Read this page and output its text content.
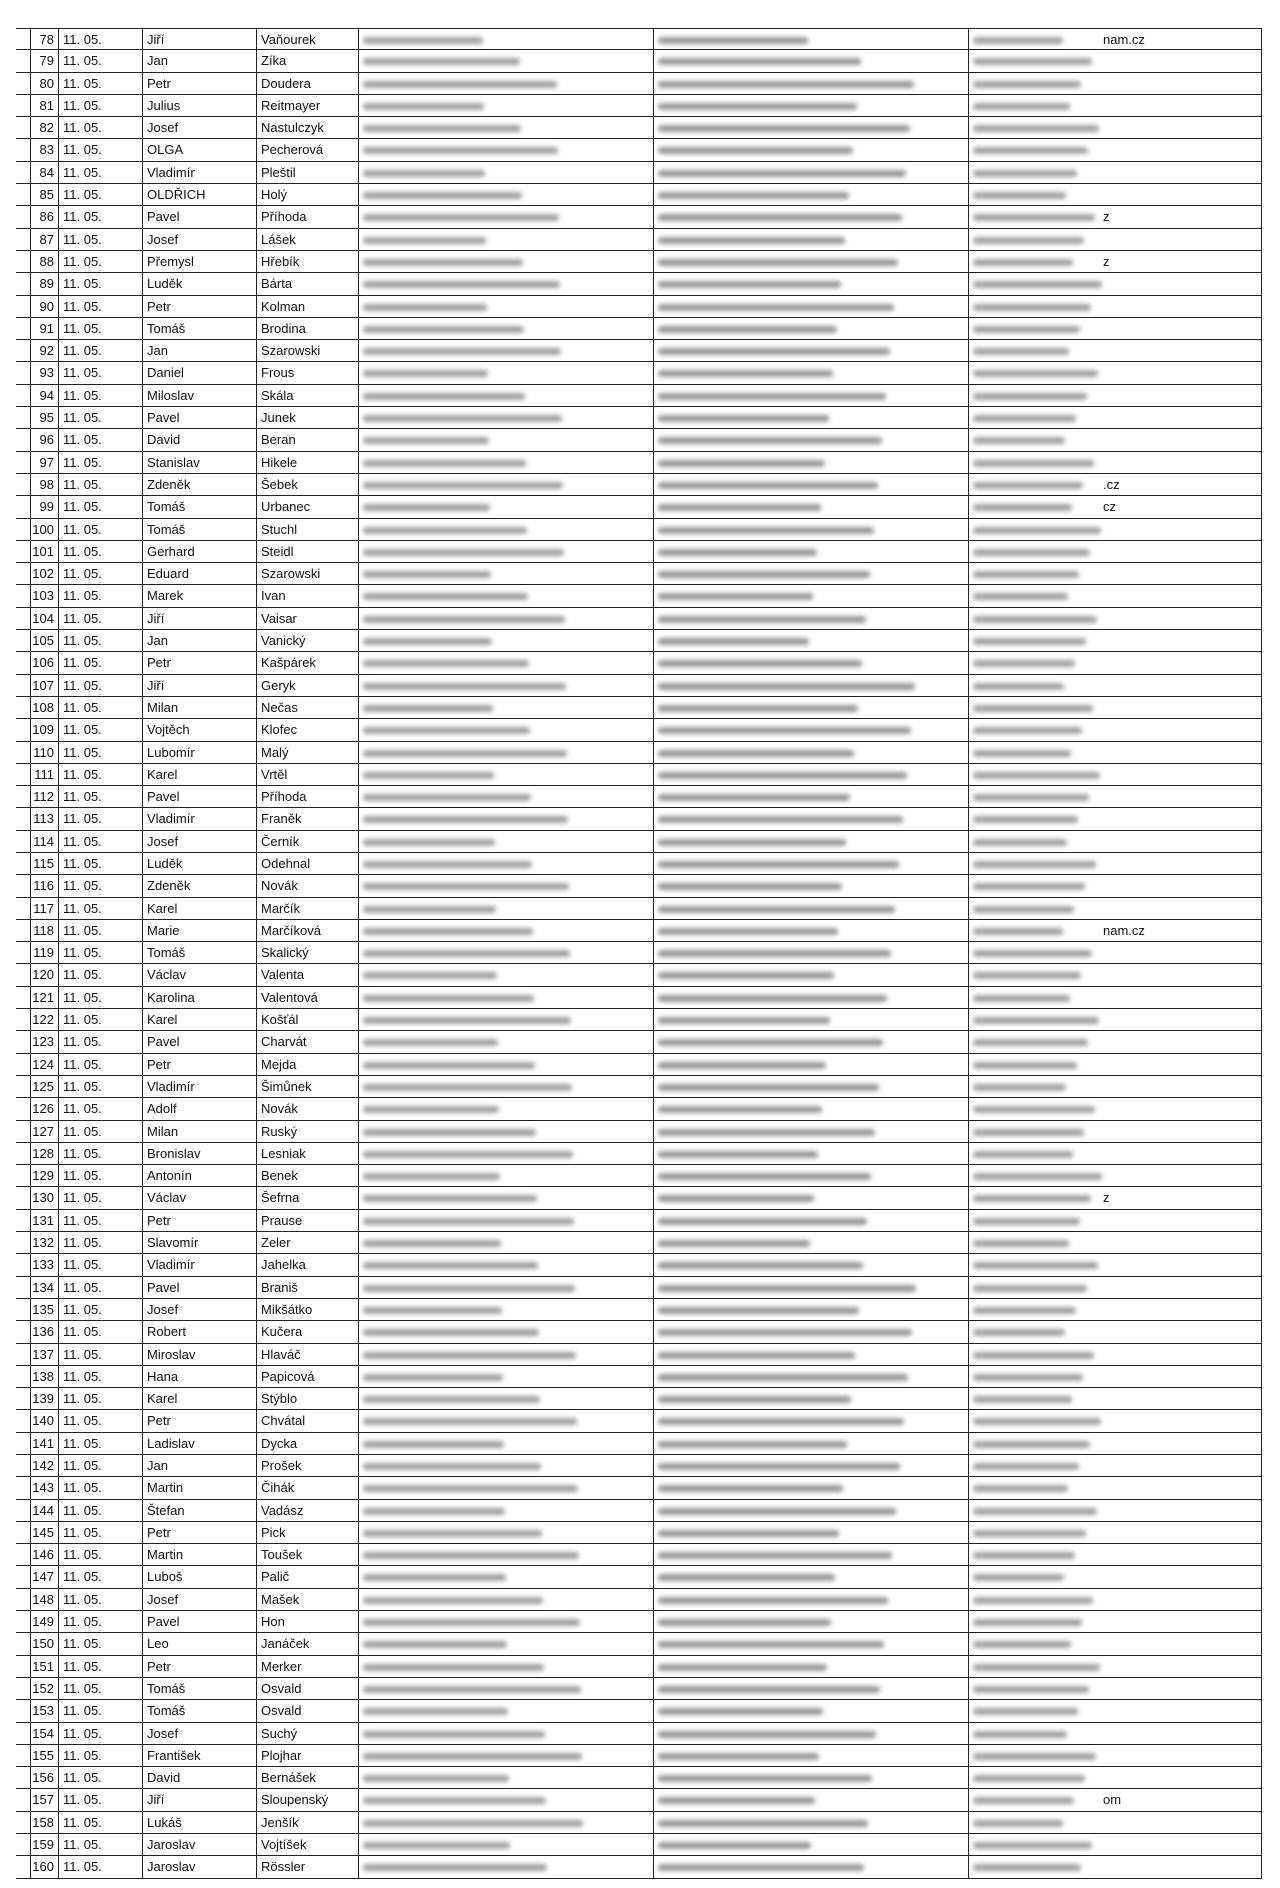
78 11. 05.	Jiří	Vaňourek	nam.cz
79 11. 05.	Jan	Zíka
80 11. 05.	Petr	Doudera
81 11. 05.	Julius	Reitmayer
82 11. 05.	Josef	Nastulczyk
83 11. 05.	OLGA	Pecherová
84 11. 05.	Vladimír	Pleštil
85 11. 05.	OLDŘICH	Holý
86 11. 05.	Pavel	Příhoda	z
87 11. 05.	Josef	Lášek
88 11. 05.	Přemysl	Hřebík	z
89 11. 05.	Luděk	Bárta
90 11. 05.	Petr	Kolman
91 11. 05.	Tomáš	Brodina
92 11. 05.	Jan	Szarowski
93 11. 05.	Daniel	Frous
94 11. 05.	Miloslav	Skála
95 11. 05.	Pavel	Junek
96 11. 05.	David	Beran
97 11. 05.	Stanislav	Hikele
98 11. 05.	Zdeněk	Šebek	.cz
99 11. 05.	Tomáš	Urbanec	cz
100 11. 05.	Tomáš	Stuchl
101 11. 05.	Gerhard	Steidl
102 11. 05.	Eduard	Szarowski
103 11. 05.	Marek	Ivan
104 11. 05.	Jiří	Vaisar
105 11. 05.	Jan	Vanický
106 11. 05.	Petr	Kašpárek
107 11. 05.	Jiří	Geryk
108 11. 05.	Milan	Nečas
109 11. 05.	Vojtěch	Klofec
110 11. 05.	Lubomír	Malý
111 11. 05.	Karel	Vrtěl
112 11. 05.	Pavel	Příhoda
113 11. 05.	Vladimír	Franěk
114 11. 05.	Josef	Černík
115 11. 05.	Luděk	Odehnal
116 11. 05.	Zdeněk	Novák
117 11. 05.	Karel	Marčík
118 11. 05.	Marie	Marčíková	nam.cz
119 11. 05.	Tomáš	Skalický
120 11. 05.	Václav	Valenta
121 11. 05.	Karolina	Valentová
122 11. 05.	Karel	Košťál
123 11. 05.	Pavel	Charvát
124 11. 05.	Petr	Mejda
125 11. 05.	Vladimír	Šimůnek
126 11. 05.	Adolf	Novák
127 11. 05.	Milan	Ruský
128 11. 05.	Bronislav	Lesniak
129 11. 05.	Antonín	Benek
130 11. 05.	Václav	Šefrna	z
131 11. 05.	Petr	Prause
132 11. 05.	Slavomír	Zeler
133 11. 05.	Vladimír	Jahelka
134 11. 05.	Pavel	Braniš
135 11. 05.	Josef	Mikšátko
136 11. 05.	Robert	Kučera
137 11. 05.	Miroslav	Hlaváč
138 11. 05.	Hana	Papicová
139 11. 05.	Karel	Stýblo
140 11. 05.	Petr	Chvátal
141 11. 05.	Ladislav	Dycka
142 11. 05.	Jan	Prošek
143 11. 05.	Martin	Čihák
144 11. 05.	Štefan	Vadász
145 11. 05.	Petr	Pick
146 11. 05.	Martin	Toušek
147 11. 05.	Luboš	Palič
148 11. 05.	Josef	Mašek
149 11. 05.	Pavel	Hon
150 11. 05.	Leo	Janáček
151 11. 05.	Petr	Merker
152 11. 05.	Tomáš	Osvald
153 11. 05.	Tomáš	Osvald
154 11. 05.	Josef	Suchý
155 11. 05.	František	Plojhar
156 11. 05.	David	Bernášek
157 11. 05.	Jiří	Sloupenský	om
158 11. 05.	Lukáš	Jenšík
159 11. 05.	Jaroslav	Vojtíšek
160 11. 05.	Jaroslav	Rössler
